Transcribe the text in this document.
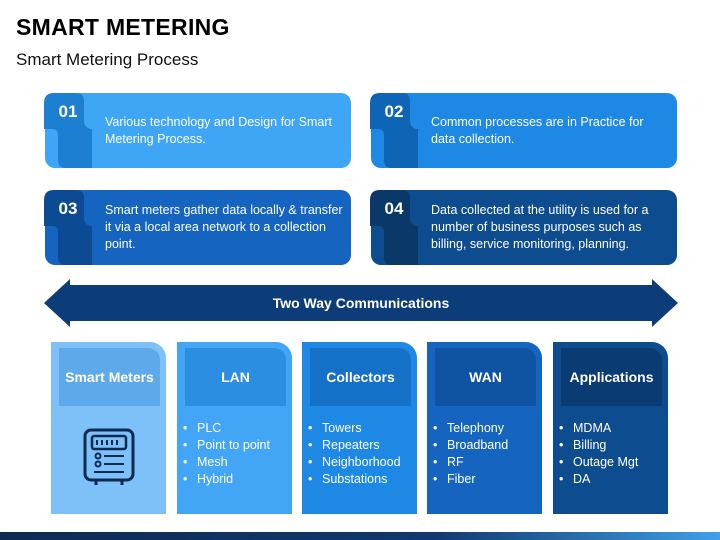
SMART METERING
Smart Metering Process
01
Various technology and Design for Smart Metering Process.
02
Common processes are in Practice for data collection.
03	Smart meters gather data locally & transfer it via a local area network to a collection point.
04	Data collected at the utility is used for a number of business purposes such as billing, service monitoring, planning.
Two Way Communications
Smart Meters	LAN
• PLC
• Point to point
• Mesh
• Hybrid
Collectors
• Towers
• Repeaters
• Neighborhood
• Substations
WAN
• Telephony
• Broadband
• RF
• Fiber
Applications
• MDMA
• Billing
• Outage Mgt
• DA
